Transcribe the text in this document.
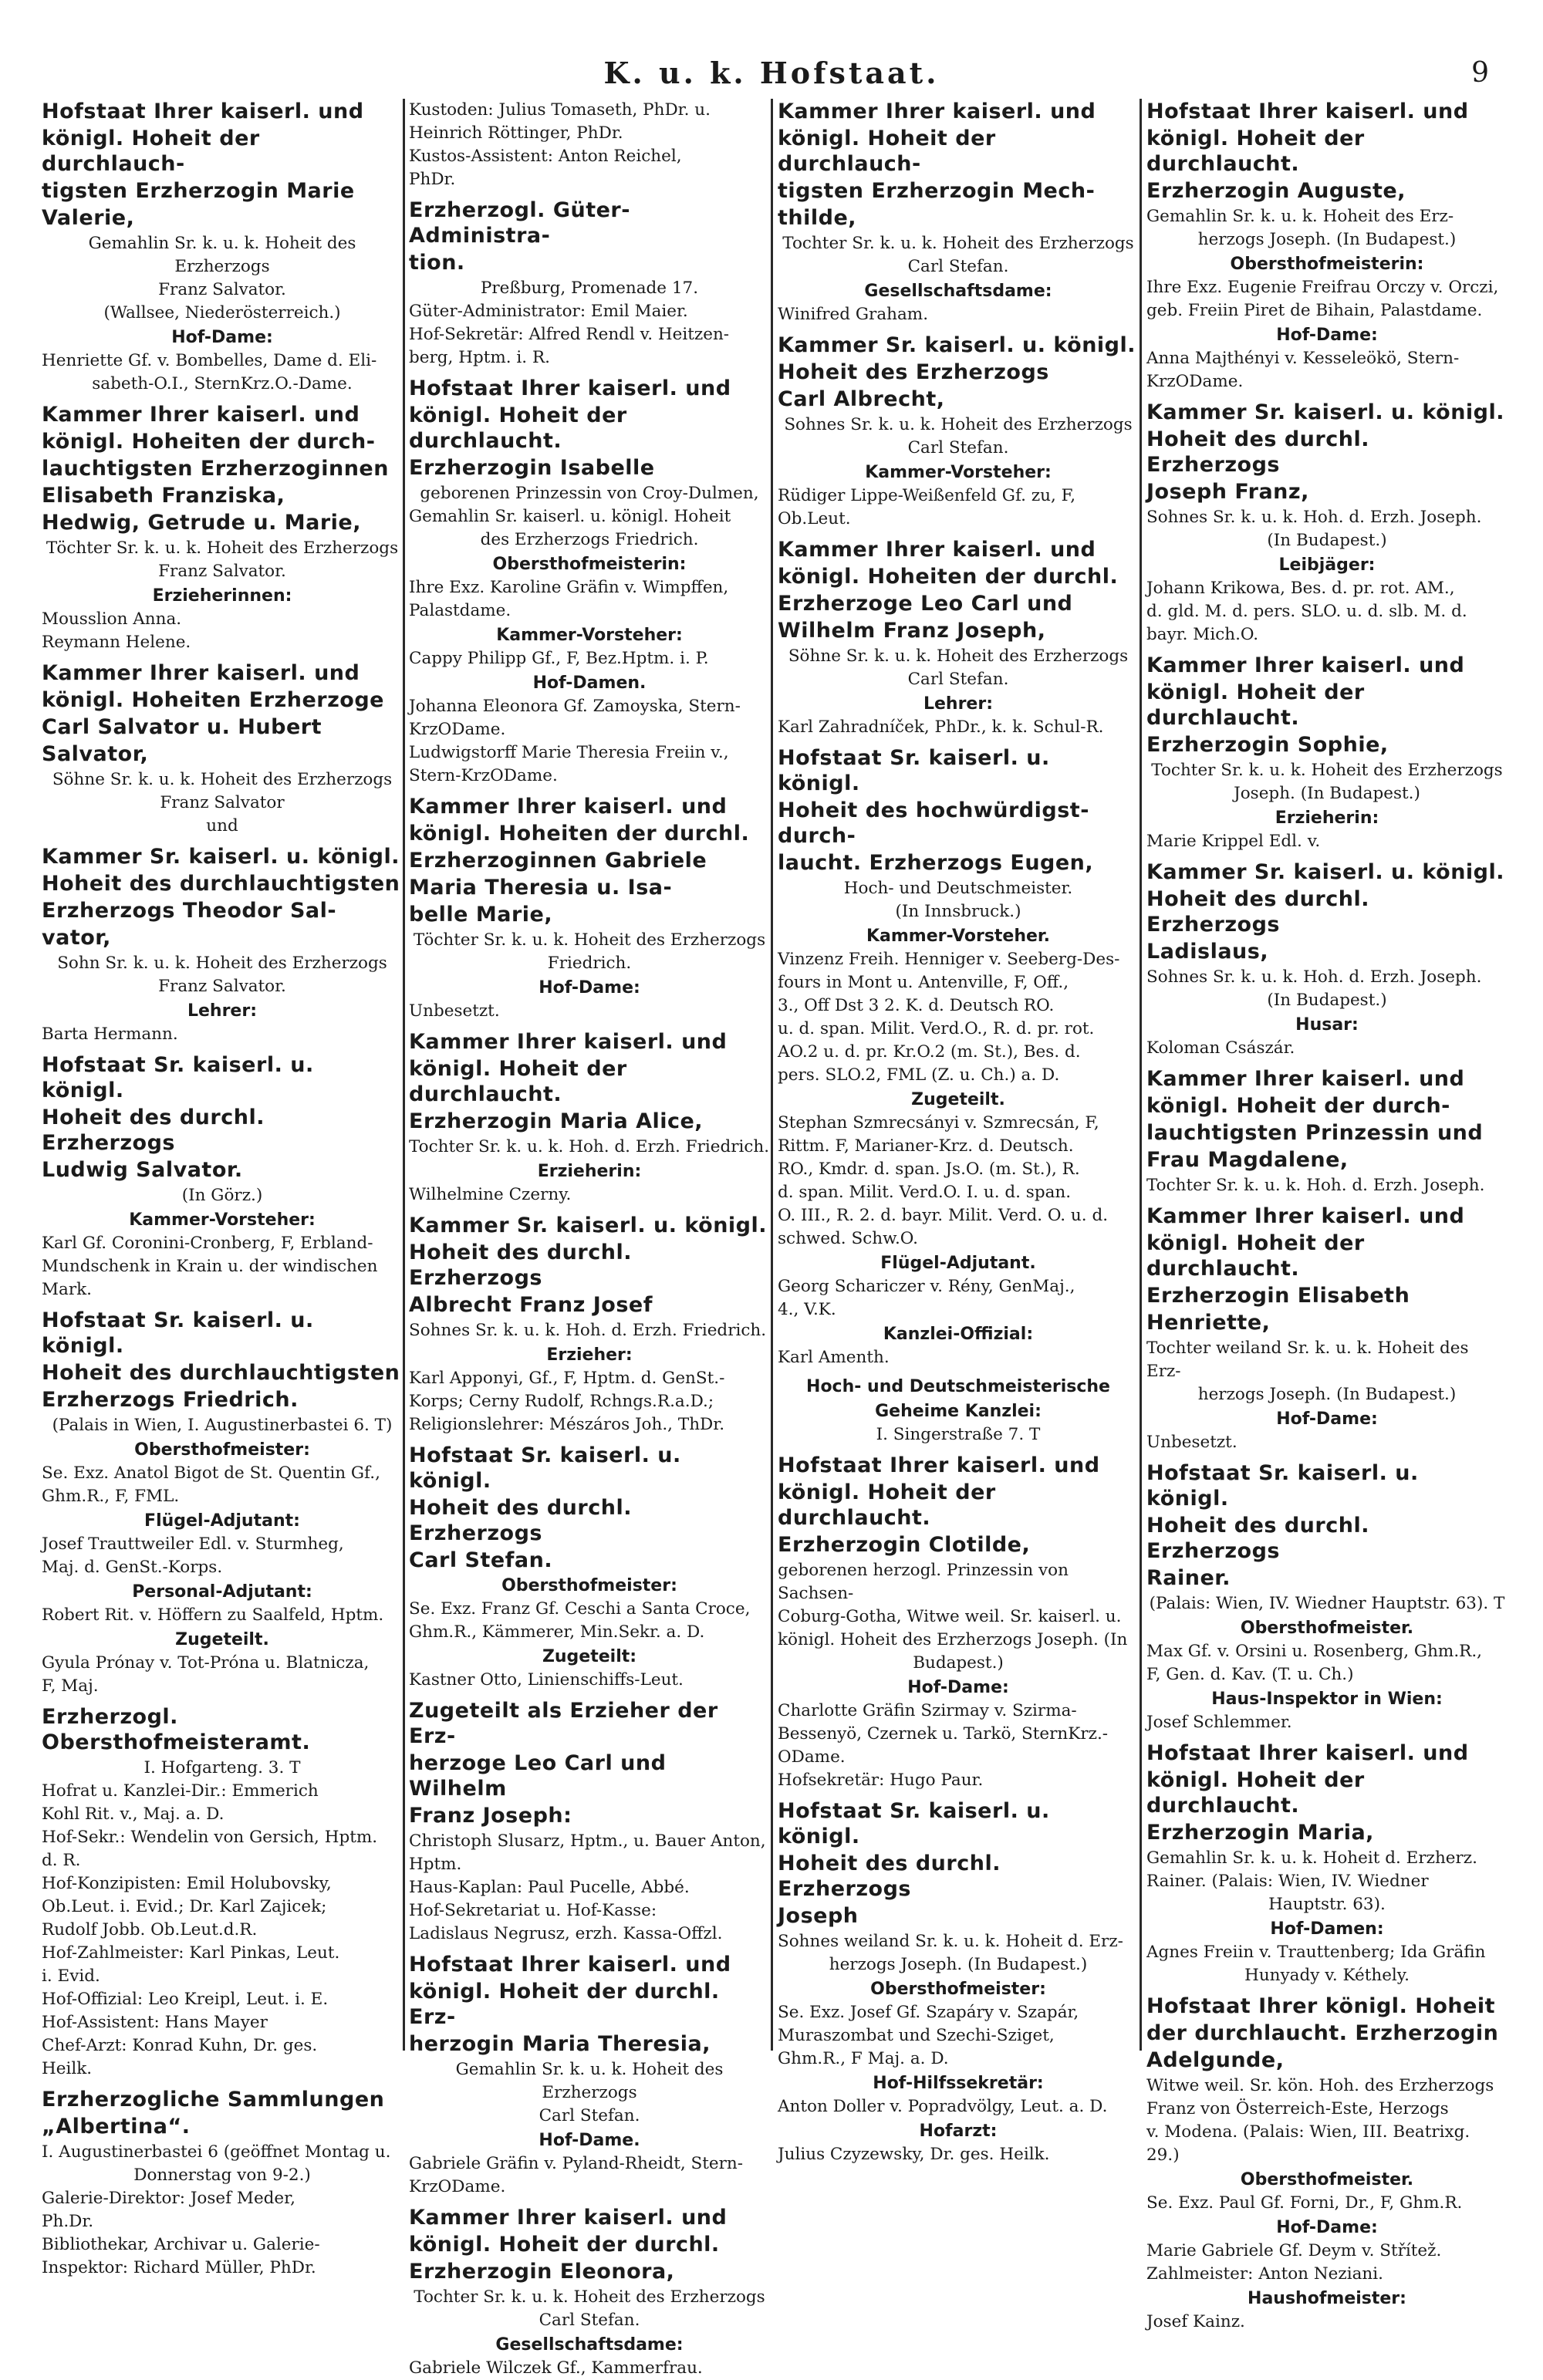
K. u. k. Hofstaat.	9
Hofstaat Ihrer kaiserl. und
königl. Hoheit der durchlauch-
tigsten Erzherzogin Marie
Valerie,
Gemahlin Sr. k. u. k. Hoheit des Erzherzogs
Franz Salvator.
(Wallsee, Niederösterreich.)
Hof-Dame:
Henriette Gf. v. Bombelles, Dame d. Eli-
sabeth-O.I., SternKrz.O.-Dame.
Kammer Ihrer kaiserl. und
königl. Hoheiten der durch-
lauchtigsten Erzherzoginnen
Elisabeth Franziska,
Hedwig, Getrude u. Marie,
Töchter Sr. k. u. k. Hoheit des Erzherzogs
Franz Salvator.
Erzieherinnen:
Mousslion Anna.
Reymann Helene.
Kammer Ihrer kaiserl. und
königl. Hoheiten Erzherzoge
Carl Salvator u. Hubert
Salvator,
Söhne Sr. k. u. k. Hoheit des Erzherzogs
Franz Salvator
und
Kammer Sr. kaiserl. u. königl.
Hoheit des durchlauchtigsten
Erzherzogs Theodor Sal-
vator,
Sohn Sr. k. u. k. Hoheit des Erzherzogs
Franz Salvator.
Lehrer:
Barta Hermann.
Hofstaat Sr. kaiserl. u. königl.
Hoheit des durchl. Erzherzogs
Ludwig Salvator.
(In Görz.)
Kammer-Vorsteher:
Karl Gf. Coronini-Cronberg, F, Erbland-
Mundschenk in Krain u. der windischen
Mark.
Hofstaat Sr. kaiserl. u. königl.
Hoheit des durchlauchtigsten
Erzherzogs Friedrich.
(Palais in Wien, I. Augustinerbastei 6. T)
Obersthofmeister:
Se. Exz. Anatol Bigot de St. Quentin Gf.,
Ghm.R., F, FML.
Flügel-Adjutant:
Josef Trauttweiler Edl. v. Sturmheg,
Maj. d. GenSt.-Korps.
Personal-Adjutant:
Robert Rit. v. Höffern zu Saalfeld, Hptm.
Zugeteilt.
Gyula Prónay v. Tot-Próna u. Blatnicza,
F, Maj.
Erzherzogl. Obersthofmeisteramt.
I. Hofgarteng. 3. T
Hofrat u. Kanzlei-Dir.: Emmerich
Kohl Rit. v., Maj. a. D.
Hof-Sekr.: Wendelin von Gersich, Hptm.
d. R.
Hof-Konzipisten: Emil Holubovsky,
Ob.Leut. i. Evid.; Dr. Karl Zajicek;
Rudolf Jobb. Ob.Leut.d.R.
Hof-Zahlmeister: Karl Pinkas, Leut.
i. Evid.
Hof-Offizial: Leo Kreipl, Leut. i. E.
Hof-Assistent: Hans Mayer
Chef-Arzt: Konrad Kuhn, Dr. ges.
Heilk.
Erzherzogliche Sammlungen
„Albertina“.
I. Augustinerbastei 6 (geöffnet Montag u.
Donnerstag von 9-2.)
Galerie-Direktor: Josef Meder,
Ph.Dr.
Bibliothekar, Archivar u. Galerie-
Inspektor: Richard Müller, PhDr.
Kustoden: Julius Tomaseth, PhDr. u.
Heinrich Röttinger, PhDr.
Kustos-Assistent: Anton Reichel,
PhDr.
Erzherzogl. Güter-Administra-
tion.
Preßburg, Promenade 17.
Güter-Administrator: Emil Maier.
Hof-Sekretär: Alfred Rendl v. Heitzen-
berg, Hptm. i. R.
Hofstaat Ihrer kaiserl. und
königl. Hoheit der durchlaucht.
Erzherzogin Isabelle
geborenen Prinzessin von Croy-Dulmen,
Gemahlin Sr. kaiserl. u. königl. Hoheit
des Erzherzogs Friedrich.
Obersthofmeisterin:
Ihre Exz. Karoline Gräfin v. Wimpffen,
Palastdame.
Kammer-Vorsteher:
Cappy Philipp Gf., F, Bez.Hptm. i. P.
Hof-Damen.
Johanna Eleonora Gf. Zamoyska, Stern-
KrzODame.
Ludwigstorff Marie Theresia Freiin v.,
Stern-KrzODame.
Kammer Ihrer kaiserl. und
königl. Hoheiten der durchl.
Erzherzoginnen Gabriele
Maria Theresia u. Isa-
belle Marie,
Töchter Sr. k. u. k. Hoheit des Erzherzogs
Friedrich.
Hof-Dame:
Unbesetzt.
Kammer Ihrer kaiserl. und
königl. Hoheit der durchlaucht.
Erzherzogin Maria Alice,
Tochter Sr. k. u. k. Hoh. d. Erzh. Friedrich.
Erzieherin:
Wilhelmine Czerny.
Kammer Sr. kaiserl. u. königl.
Hoheit des durchl. Erzherzogs
Albrecht Franz Josef
Sohnes Sr. k. u. k. Hoh. d. Erzh. Friedrich.
Erzieher:
Karl Apponyi, Gf., F, Hptm. d. GenSt.-
Korps; Cerny Rudolf, Rchngs.R.a.D.;
Religionslehrer: Mészáros Joh., ThDr.
Hofstaat Sr. kaiserl. u. königl.
Hoheit des durchl. Erzherzogs
Carl Stefan.
Obersthofmeister:
Se. Exz. Franz Gf. Ceschi a Santa Croce,
Ghm.R., Kämmerer, Min.Sekr. a. D.
Zugeteilt:
Kastner Otto, Linienschiffs-Leut.
Zugeteilt als Erzieher der Erz-
herzoge Leo Carl und Wilhelm
Franz Joseph:
Christoph Slusarz, Hptm., u. Bauer Anton,
Hptm.
Haus-Kaplan: Paul Pucelle, Abbé.
Hof-Sekretariat u. Hof-Kasse:
Ladislaus Negrusz, erzh. Kassa-Offzl.
Hofstaat Ihrer kaiserl. und
königl. Hoheit der durchl. Erz-
herzogin Maria Theresia,
Gemahlin Sr. k. u. k. Hoheit des Erzherzogs
Carl Stefan.
Hof-Dame.
Gabriele Gräfin v. Pyland-Rheidt, Stern-
KrzODame.
Kammer Ihrer kaiserl. und
königl. Hoheit der durchl.
Erzherzogin Eleonora,
Tochter Sr. k. u. k. Hoheit des Erzherzogs
Carl Stefan.
Gesellschaftsdame:
Gabriele Wilczek Gf., Kammerfrau.
Kammer Ihrer kaiserl. und
königl. Hoheit der durchlauch-
tigsten Erzherzogin Mech-
thilde,
Tochter Sr. k. u. k. Hoheit des Erzherzogs
Carl Stefan.
Gesellschaftsdame:
Winifred Graham.
Kammer Sr. kaiserl. u. königl.
Hoheit des Erzherzogs
Carl Albrecht,
Sohnes Sr. k. u. k. Hoheit des Erzherzogs
Carl Stefan.
Kammer-Vorsteher:
Rüdiger Lippe-Weißenfeld Gf. zu, F,
Ob.Leut.
Kammer Ihrer kaiserl. und
königl. Hoheiten der durchl.
Erzherzoge Leo Carl und
Wilhelm Franz Joseph,
Söhne Sr. k. u. k. Hoheit des Erzherzogs
Carl Stefan.
Lehrer:
Karl Zahradníček, PhDr., k. k. Schul-R.
Hofstaat Sr. kaiserl. u. königl.
Hoheit des hochwürdigst-durch-
laucht. Erzherzogs Eugen,
Hoch- und Deutschmeister.
(In Innsbruck.)
Kammer-Vorsteher.
Vinzenz Freih. Henniger v. Seeberg-Des-
fours in Mont u. Antenville, F, Off.,
3., Off Dst 3 2. K. d. Deutsch RO.
u. d. span. Milit. Verd.O., R. d. pr. rot.
AO.2 u. d. pr. Kr.O.2 (m. St.), Bes. d.
pers. SLO.2, FML (Z. u. Ch.) a. D.
Zugeteilt.
Stephan Szmrecsányi v. Szmrecsán, F,
Rittm. F, Marianer-Krz. d. Deutsch.
RO., Kmdr. d. span. Js.O. (m. St.), R.
d. span. Milit. Verd.O. I. u. d. span.
O. III., R. 2. d. bayr. Milit. Verd. O. u. d.
schwed. Schw.O.
Flügel-Adjutant.
Georg Schariczer v. Rény, GenMaj.,
4., V.K.
Kanzlei-Offizial:
Karl Amenth.
Hoch- und Deutschmeisterische
Geheime Kanzlei:
I. Singerstraße 7. T
Hofstaat Ihrer kaiserl. und
königl. Hoheit der durchlaucht.
Erzherzogin Clotilde,
geborenen herzogl. Prinzessin von Sachsen-
Coburg-Gotha, Witwe weil. Sr. kaiserl. u.
königl. Hoheit des Erzherzogs Joseph. (In
Budapest.)
Hof-Dame:
Charlotte Gräfin Szirmay v. Szirma-
Bessenyö, Czernek u. Tarkö, SternKrz.-
ODame.
Hofsekretär: Hugo Paur.
Hofstaat Sr. kaiserl. u. königl.
Hoheit des durchl. Erzherzogs
Joseph
Sohnes weiland Sr. k. u. k. Hoheit d. Erz-
herzogs Joseph. (In Budapest.)
Obersthofmeister:
Se. Exz. Josef Gf. Szapáry v. Szapár,
Muraszombat und Szechi-Sziget,
Ghm.R., F Maj. a. D.
Hof-Hilfssekretär:
Anton Doller v. Popradvölgy, Leut. a. D.
Hofarzt:
Julius Czyzewsky, Dr. ges. Heilk.
Hofstaat Ihrer kaiserl. und
königl. Hoheit der durchlaucht.
Erzherzogin Auguste,
Gemahlin Sr. k. u. k. Hoheit des Erz-
herzogs Joseph. (In Budapest.)
Obersthofmeisterin:
Ihre Exz. Eugenie Freifrau Orczy v. Orczi,
geb. Freiin Piret de Bihain, Palastdame.
Hof-Dame:
Anna Majthényi v. Kesseleökö, Stern-
KrzODame.
Kammer Sr. kaiserl. u. königl.
Hoheit des durchl. Erzherzogs
Joseph Franz,
Sohnes Sr. k. u. k. Hoh. d. Erzh. Joseph.
(In Budapest.)
Leibjäger:
Johann Krikowa, Bes. d. pr. rot. AM.,
d. gld. M. d. pers. SLO. u. d. slb. M. d.
bayr. Mich.O.
Kammer Ihrer kaiserl. und
königl. Hoheit der durchlaucht.
Erzherzogin Sophie,
Tochter Sr. k. u. k. Hoheit des Erzherzogs
Joseph. (In Budapest.)
Erzieherin:
Marie Krippel Edl. v.
Kammer Sr. kaiserl. u. königl.
Hoheit des durchl. Erzherzogs
Ladislaus,
Sohnes Sr. k. u. k. Hoh. d. Erzh. Joseph.
(In Budapest.)
Husar:
Koloman Császár.
Kammer Ihrer kaiserl. und
königl. Hoheit der durch-
lauchtigsten Prinzessin und
Frau Magdalene,
Tochter Sr. k. u. k. Hoh. d. Erzh. Joseph.
Kammer Ihrer kaiserl. und
königl. Hoheit der durchlaucht.
Erzherzogin Elisabeth
Henriette,
Tochter weiland Sr. k. u. k. Hoheit des Erz-
herzogs Joseph. (In Budapest.)
Hof-Dame:
Unbesetzt.
Hofstaat Sr. kaiserl. u. königl.
Hoheit des durchl. Erzherzogs
Rainer.
(Palais: Wien, IV. Wiedner Hauptstr. 63). T
Obersthofmeister.
Max Gf. v. Orsini u. Rosenberg, Ghm.R.,
F, Gen. d. Kav. (T. u. Ch.)
Haus-Inspektor in Wien:
Josef Schlemmer.
Hofstaat Ihrer kaiserl. und
königl. Hoheit der durchlaucht.
Erzherzogin Maria,
Gemahlin Sr. k. u. k. Hoheit d. Erzherz.
Rainer. (Palais: Wien, IV. Wiedner
Hauptstr. 63).
Hof-Damen:
Agnes Freiin v. Trauttenberg; Ida Gräfin
Hunyady v. Kéthely.
Hofstaat Ihrer königl. Hoheit
der durchlaucht. Erzherzogin
Adelgunde,
Witwe weil. Sr. kön. Hoh. des Erzherzogs
Franz von Österreich-Este, Herzogs
v. Modena. (Palais: Wien, III. Beatrixg. 29.)
Obersthofmeister.
Se. Exz. Paul Gf. Forni, Dr., F, Ghm.R.
Hof-Dame:
Marie Gabriele Gf. Deym v. Střítež.
Zahlmeister: Anton Neziani.
Haushofmeister:
Josef Kainz.
